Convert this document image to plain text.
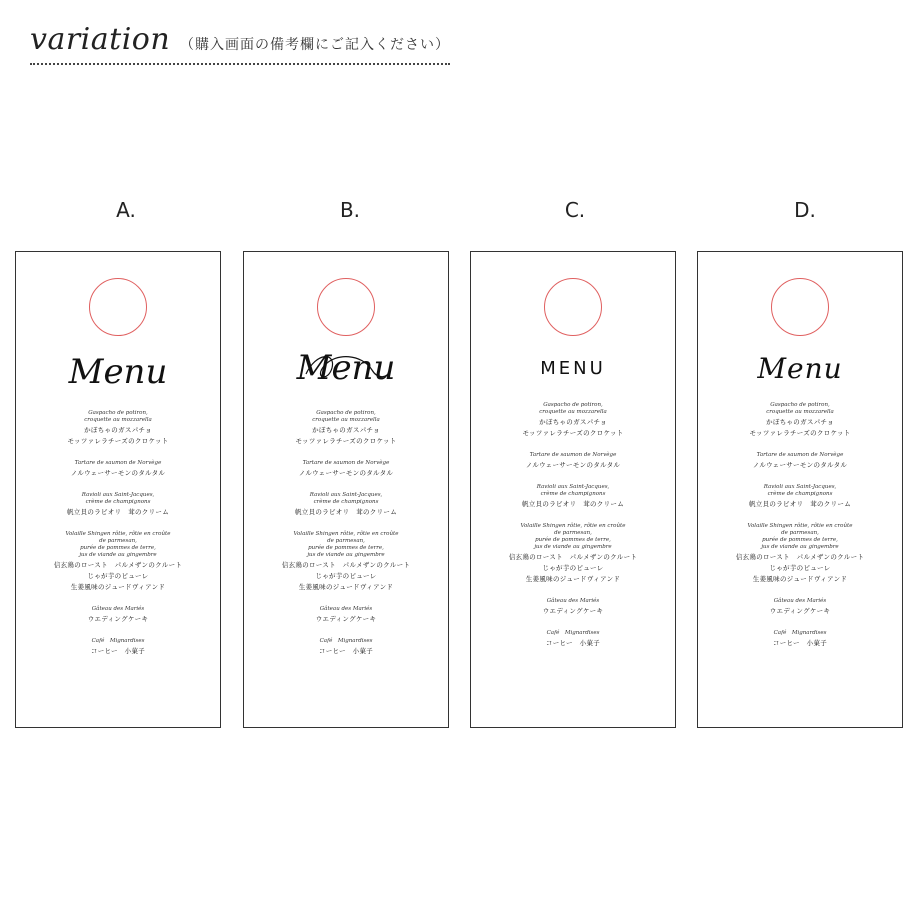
variation （購入画面の備考欄にご記入ください）
A.
Menu
Gaspacho de potiron,
croquette au mozzarella
かぼちゃのガスパチョ
モッツァレラチーズのクロケット
Tartare de saumon de Norvège
ノルウェーサーモンのタルタル
Ravioli aux Saint-Jacques,
crème de champignons
帆立貝のラビオリ　茸のクリーム
Volaille Shingen rôtie, rôtie en croûte
de parmesan,
purée de pommes de terre,
jus de viande au gingembre
信玄鶏のロースト　パルメザンのクルート
じゃが芋のピューレ
生姜風味のジュードヴィアンド
Gâteau des Mariés
ウエディングケーキ
Café　Mignardises
コーヒー　小菓子
B.
Menu
Gaspacho de potiron,
croquette au mozzarella
かぼちゃのガスパチョ
モッツァレラチーズのクロケット
Tartare de saumon de Norvège
ノルウェーサーモンのタルタル
Ravioli aux Saint-Jacques,
crème de champignons
帆立貝のラビオリ　茸のクリーム
Volaille Shingen rôtie, rôtie en croûte
de parmesan,
purée de pommes de terre,
jus de viande au gingembre
信玄鶏のロースト　パルメザンのクルート
じゃが芋のピューレ
生姜風味のジュードヴィアンド
Gâteau des Mariés
ウエディングケーキ
Café　Mignardises
コーヒー　小菓子
C.
MENU
Gaspacho de potiron,
croquette au mozzarella
かぼちゃのガスパチョ
モッツァレラチーズのクロケット
Tartare de saumon de Norvège
ノルウェーサーモンのタルタル
Ravioli aux Saint-Jacques,
crème de champignons
帆立貝のラビオリ　茸のクリーム
Volaille Shingen rôtie, rôtie en croûte
de parmesan,
purée de pommes de terre,
jus de viande au gingembre
信玄鶏のロースト　パルメザンのクルート
じゃが芋のピューレ
生姜風味のジュードヴィアンド
Gâteau des Mariés
ウエディングケーキ
Café　Mignardises
コーヒー　小菓子
D.
Menu
Gaspacho de potiron,
croquette au mozzarella
かぼちゃのガスパチョ
モッツァレラチーズのクロケット
Tartare de saumon de Norvège
ノルウェーサーモンのタルタル
Ravioli aux Saint-Jacques,
crème de champignons
帆立貝のラビオリ　茸のクリーム
Volaille Shingen rôtie, rôtie en croûte
de parmesan,
purée de pommes de terre,
jus de viande au gingembre
信玄鶏のロースト　パルメザンのクルート
じゃが芋のピューレ
生姜風味のジュードヴィアンド
Gâteau des Mariés
ウエディングケーキ
Café　Mignardises
コーヒー　小菓子
